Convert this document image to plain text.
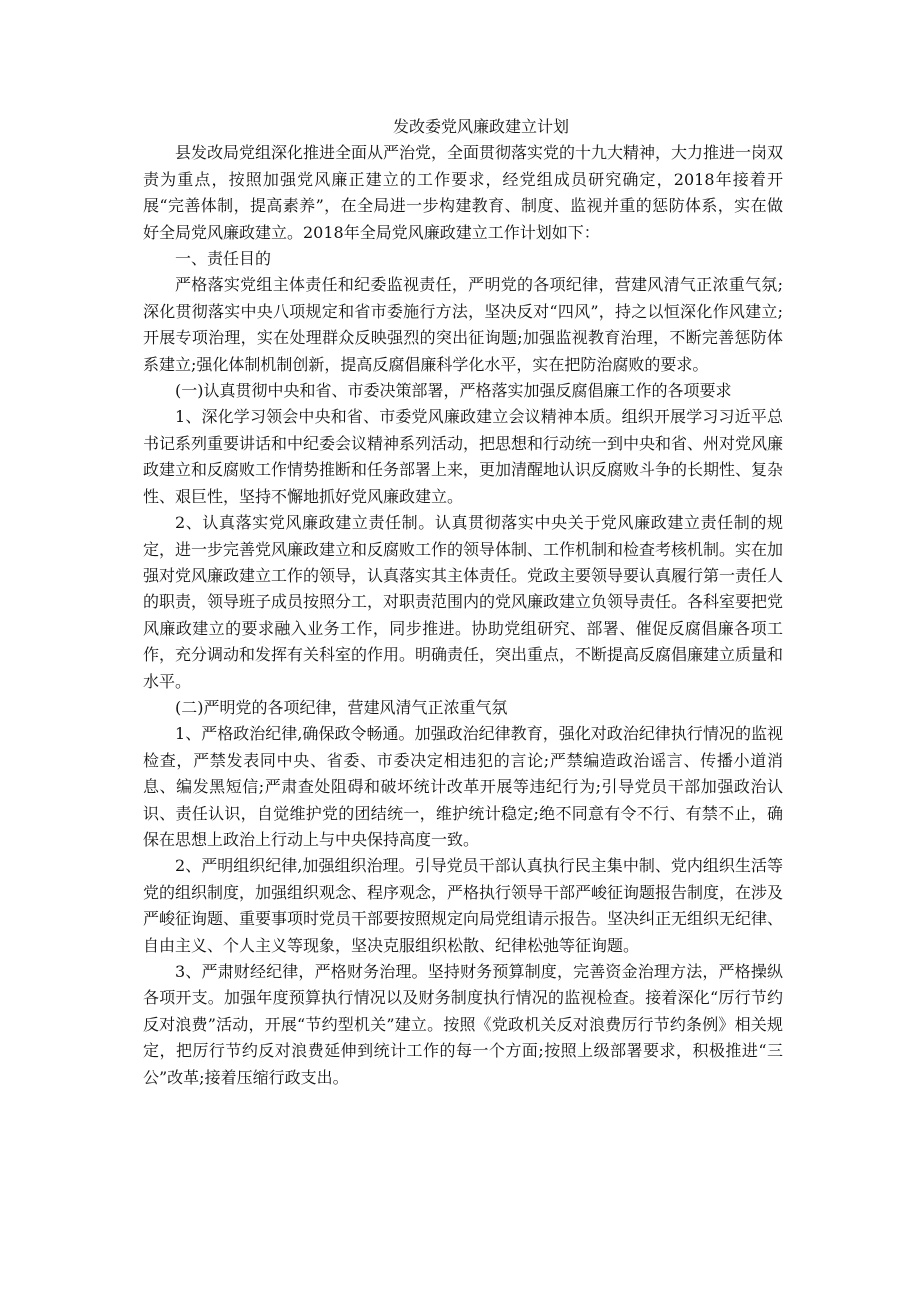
发改委党风廉政建立计划
县发改局党组深化推进全面从严治党，全面贯彻落实党的十九大精神，大力推进一岗双责为重点，按照加强党风廉正建立的工作要求，经党组成员研究确定，2018年接着开展“完善体制，提高素养”，在全局进一步构建教育、制度、监视并重的惩防体系，实在做好全局党风廉政建立。2018年全局党风廉政建立工作计划如下：
一、责任目的
严格落实党组主体责任和纪委监视责任，严明党的各项纪律，营建风清气正浓重气氛;深化贯彻落实中央八项规定和省市委施行方法，坚决反对“四风”，持之以恒深化作风建立;开展专项治理，实在处理群众反映强烈的突出征询题;加强监视教育治理，不断完善惩防体系建立;强化体制机制创新，提高反腐倡廉科学化水平，实在把防治腐败的要求。
(一)认真贯彻中央和省、市委决策部署，严格落实加强反腐倡廉工作的各项要求
1、深化学习领会中央和省、市委党风廉政建立会议精神本质。组织开展学习习近平总书记系列重要讲话和中纪委会议精神系列活动，把思想和行动统一到中央和省、州对党风廉政建立和反腐败工作情势推断和任务部署上来，更加清醒地认识反腐败斗争的长期性、复杂性、艰巨性，坚持不懈地抓好党风廉政建立。
2、认真落实党风廉政建立责任制。认真贯彻落实中央关于党风廉政建立责任制的规定，进一步完善党风廉政建立和反腐败工作的领导体制、工作机制和检查考核机制。实在加强对党风廉政建立工作的领导，认真落实其主体责任。党政主要领导要认真履行第一责任人的职责，领导班子成员按照分工，对职责范围内的党风廉政建立负领导责任。各科室要把党风廉政建立的要求融入业务工作，同步推进。协助党组研究、部署、催促反腐倡廉各项工作，充分调动和发挥有关科室的作用。明确责任，突出重点，不断提高反腐倡廉建立质量和水平。
(二)严明党的各项纪律，营建风清气正浓重气氛
1、严格政治纪律,确保政令畅通。加强政治纪律教育，强化对政治纪律执行情况的监视检查，严禁发表同中央、省委、市委决定相违犯的言论;严禁编造政治谣言、传播小道消息、编发黑短信;严肃查处阻碍和破坏统计改革开展等违纪行为;引导党员干部加强政治认识、责任认识，自觉维护党的团结统一，维护统计稳定;绝不同意有令不行、有禁不止，确保在思想上政治上行动上与中央保持高度一致。
2、严明组织纪律,加强组织治理。引导党员干部认真执行民主集中制、党内组织生活等党的组织制度，加强组织观念、程序观念，严格执行领导干部严峻征询题报告制度，在涉及严峻征询题、重要事项时党员干部要按照规定向局党组请示报告。坚决纠正无组织无纪律、自由主义、个人主义等现象，坚决克服组织松散、纪律松弛等征询题。
3、严肃财经纪律，严格财务治理。坚持财务预算制度，完善资金治理方法，严格操纵各项开支。加强年度预算执行情况以及财务制度执行情况的监视检查。接着深化“厉行节约反对浪费”活动，开展“节约型机关”建立。按照《党政机关反对浪费厉行节约条例》相关规定，把厉行节约反对浪费延伸到统计工作的每一个方面;按照上级部署要求，积极推进“三公”改革;接着压缩行政支出。
